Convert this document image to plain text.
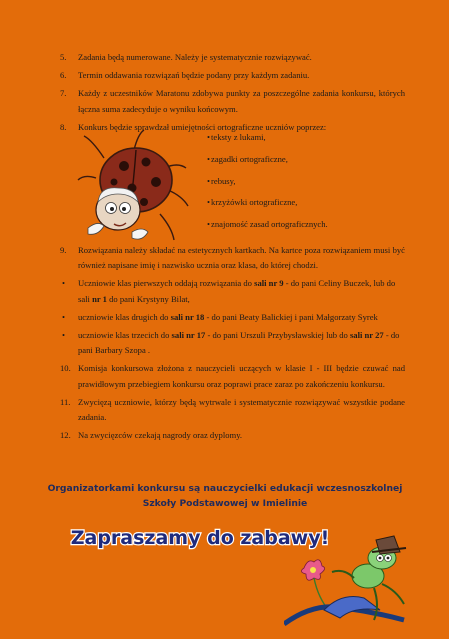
5.	Zadania będą numerowane. Należy je systematycznie rozwiązywać.
6.	Termin oddawania rozwiązań będzie podany przy każdym zadaniu.
7.	Każdy z uczestników Maratonu zdobywa punkty za poszczególne zadania konkursu, których łączna suma zadecyduje o wyniku końcowym.
8.	Konkurs będzie sprawdzał umiejętności ortograficzne uczniów poprzez:
• teksty z lukami,
• zagadki ortograficzne,
• rebusy,
• krzyżówki ortograficzne,
• znajomość zasad ortograficznych.
9.	Rozwiązania należy składać na estetycznych kartkach. Na kartce poza rozwiązaniem musi być również napisane imię i nazwisko ucznia oraz klasa, do której chodzi.
• Uczniowie klas pierwszych oddają rozwiązania do sali nr 9 - do pani Celiny Buczek, lub do sali nr 1 do pani Krystyny Bilat,
• uczniowie klas drugich do sali nr 18 - do pani Beaty Balickiej i pani Małgorzaty Syrek
• uczniowie klas trzecich do sali nr 17 - do pani Urszuli Przybysławskiej lub do sali nr 27 - do pani Barbary Szopa .
10. Komisja konkursowa złożona z nauczycieli uczących w klasie I - III będzie czuwać nad prawidłowym przebiegiem konkursu oraz poprawi prace zaraz po zakończeniu konkursu.
11. Zwycięzą uczniowie, którzy będą wytrwale i systematycznie rozwiązywać wszystkie podane zadania.
12. Na zwycięzców czekają nagrody oraz dyplomy.
Organizatorkami konkursu są nauczycielki edukacji wczesnoszkolnej
Szkoły Podstawowej w Imielinie
Zapraszamy do zabawy!
